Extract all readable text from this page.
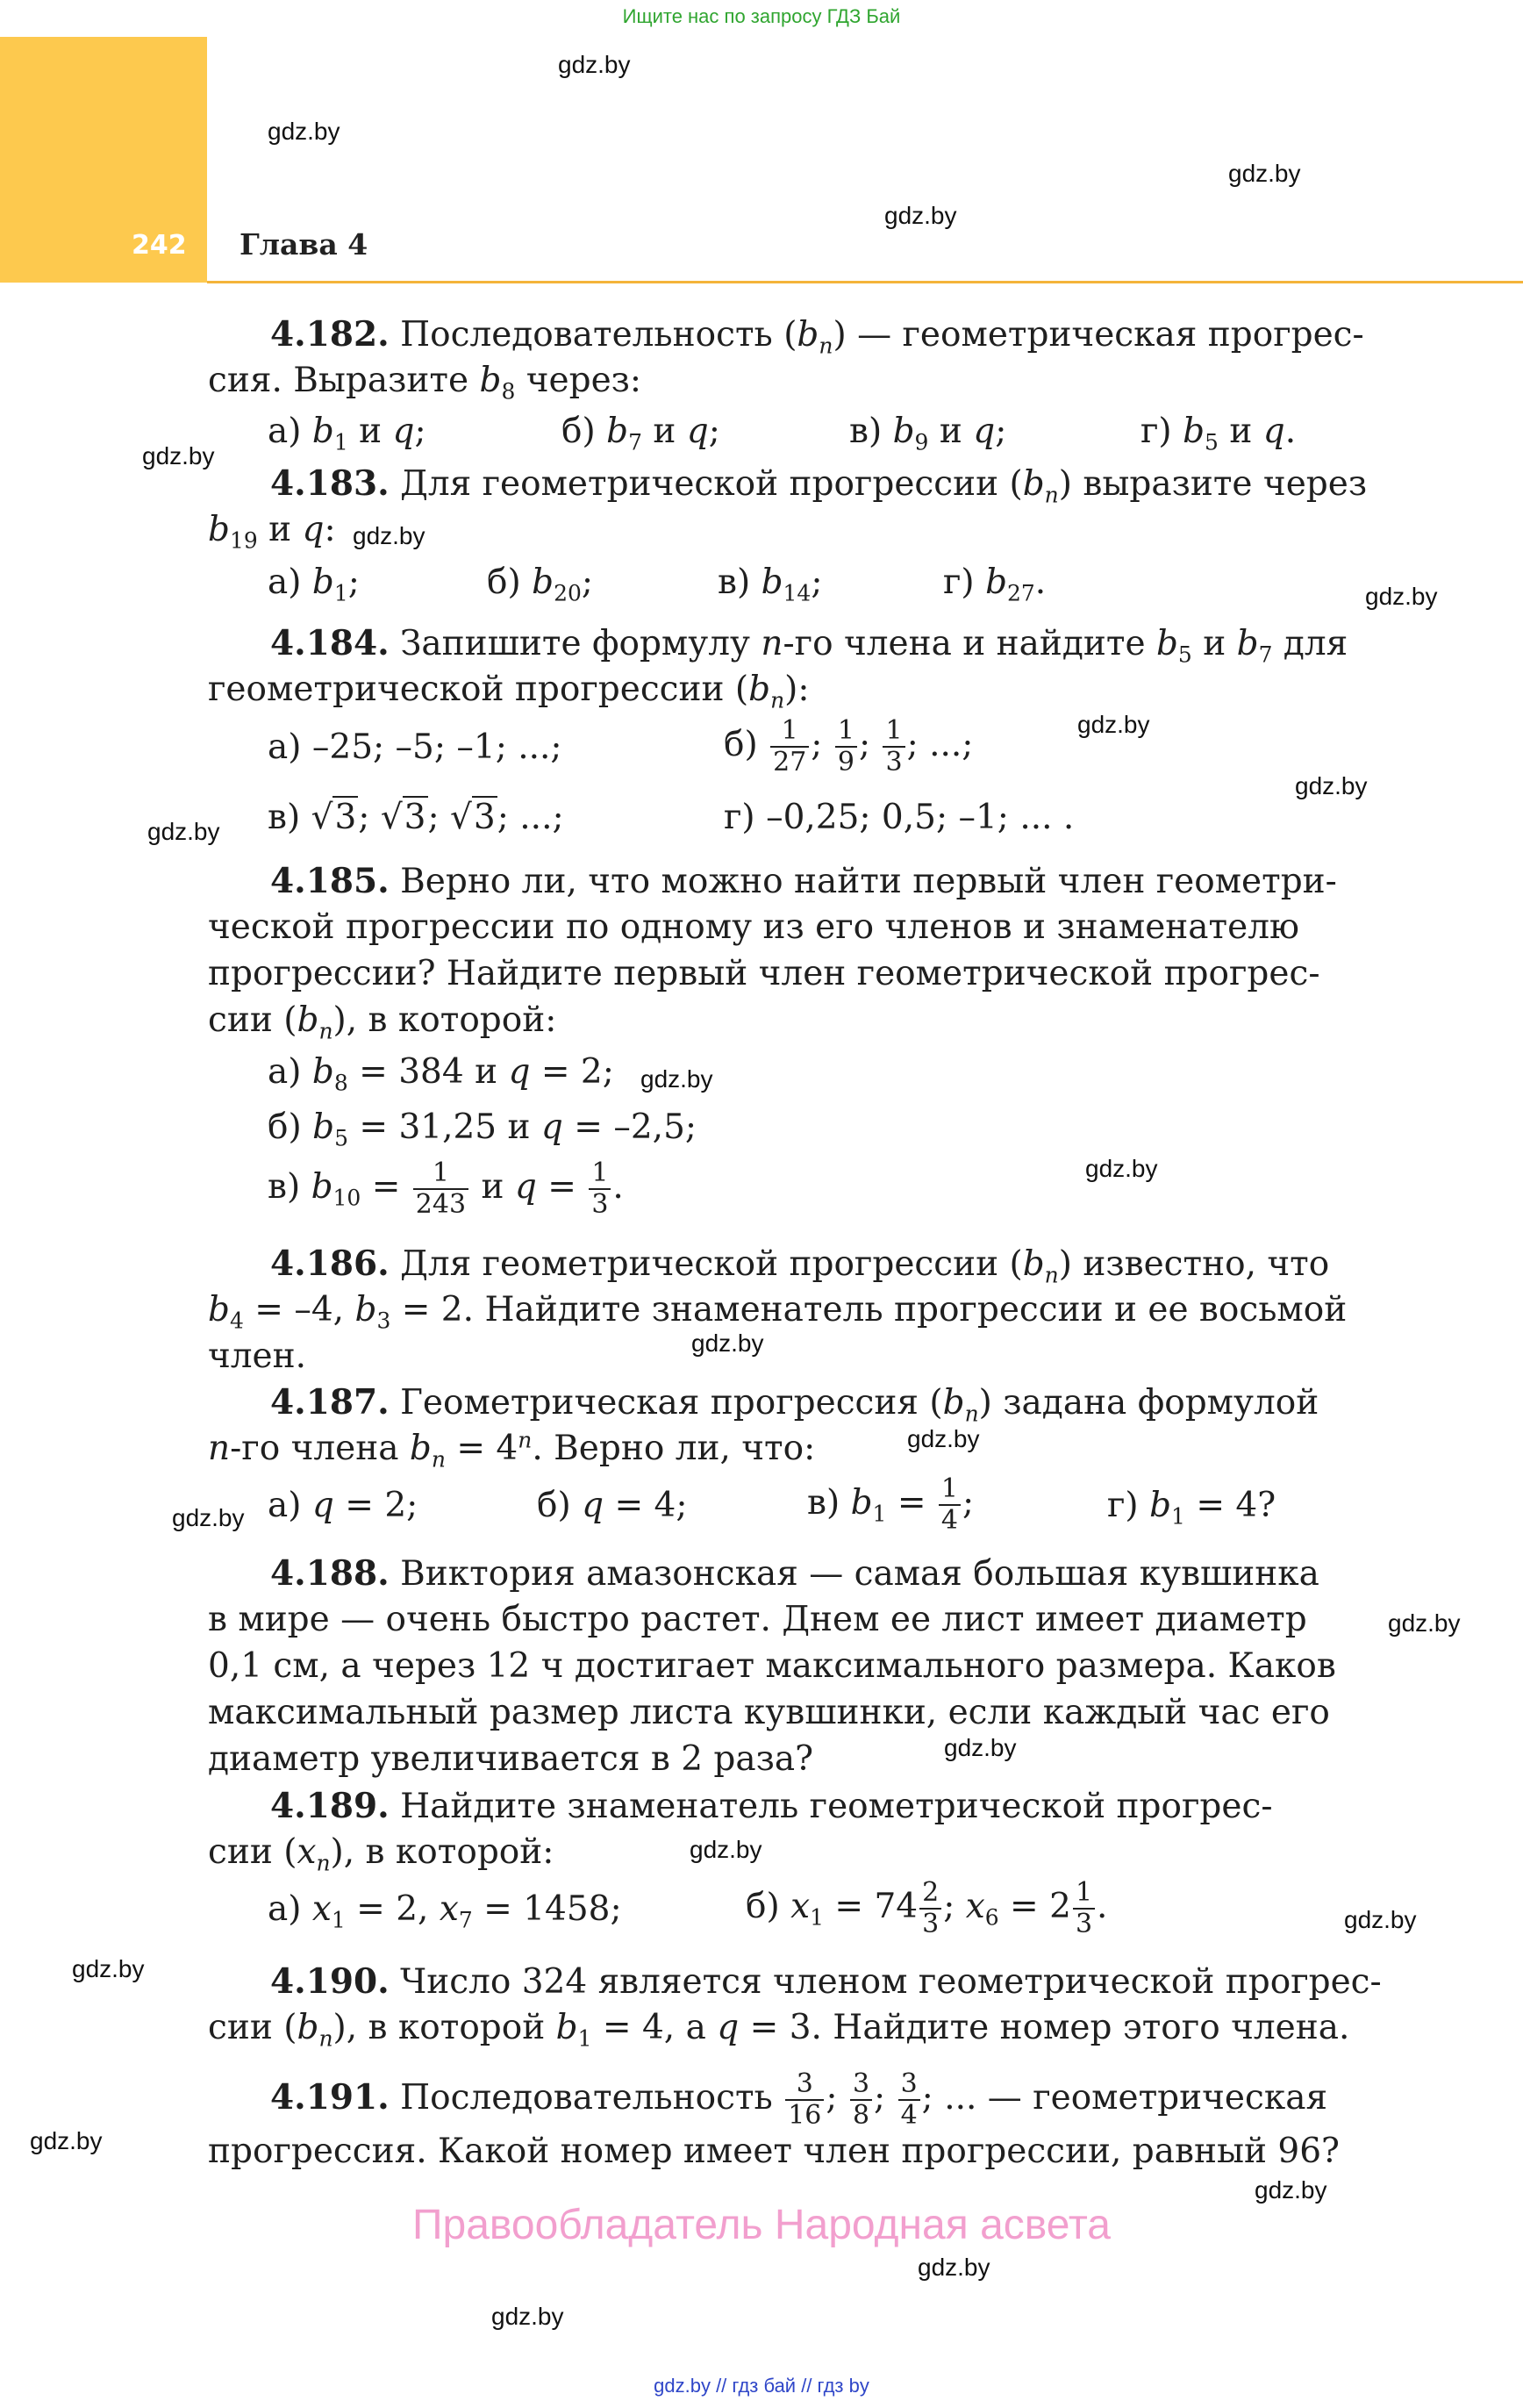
Ищите нас по запросу ГДЗ Бай
242 Глава 4
4.182. Последовательность $(b_n)$ — геометрическая прогрес-
сия. Выразите $b_8$ через:
а) $b_1$ и q;	б) $b_7$ и q;	в) $b_9$ и q;	г) $b_5$ и q.
4.183. Для геометрической прогрессии $(b_n)$ выразите через
$b_{19}$ и q:
а) $b_1$;	б) $b_{20}$;	в) $b_{14}$;	г) $b_{27}$.
4.184. Запишите формулу n-го члена и найдите $b_5$ и $b_7$ для
геометрической прогрессии $(b_n)$:
а) –25; –5; –1; ...;	$б) \frac{1}{27}$ ; $\frac{1}{9}$ ; $\frac{1}{3}$ ; ...;
в) √3; √3; √3; ...;	г) –0,25; 0,5; –1; ... .
4.185. Верно ли, что можно найти первый член геометри-
ческой прогрессии по одному из его членов и знаменателю
прогрессии? Найдите первый член геометрической прогрес-
сии $(b_n)$, в которой:
а) $b_8 = 384$ и q = 2;
б) $b_5 = 31,25$ и q = –2,5;
в) $b_{10} = \frac{1}{243}$ и $q = \frac{1}{3}$ .
4.186. Для геометрической прогрессии $(b_n)$ известно, что
$b_4 = -4$, $b_3 = 2$. Найдите знаменатель прогрессии и ее восьмой
член.
4.187. Геометрическая прогрессия $(b_n)$ задана формулой
n-го члена $b_n = 4^n$. Верно ли, что:
а) q = 2;	б) q = 4;	в) $b_1 = \frac{1}{4}$ ;	г) $b_1 = 4$?
4.188. Виктория амазонская — самая большая кувшинка
в мире — очень быстро растет. Днем ее лист имеет диаметр
0,1 см, а через 12 ч достигает максимального размера. Каков
максимальный размер листа кувшинки, если каждый час его
диаметр увеличивается в 2 раза?
4.189. Найдите знаменатель геометрической прогрес-
сии $(x_n)$, в которой:
а) $x_1 = 2$, $x_7 = 1458$;	б) $x_1 = 74 \frac{2}{3}$ ; $x_6 = 2 \frac{1}{3}$ .
4.190. Число 324 является членом геометрической прогрес-
сии $(b_n)$, в которой $b_1 = 4$, а q = 3. Найдите номер этого члена.
4.191. Последовательность $\frac{3}{16}$ ; $\frac{3}{8}$ ; $\frac{3}{4}$ ; ... — геометрическая
прогрессия. Какой номер имеет член прогрессии, равный 96?
Правообладатель Народная асвета
gdz.by
gdz.by
gdz.by
gdz.by
gdz.by
gdz.by
gdz.by
gdz.by
gdz.by
gdz.by
gdz.by
gdz.by
gdz.by
gdz.by
gdz.by
gdz.by
gdz.by
gdz.by
gdz.by
gdz.by
gdz.by
gdz.by
gdz.by
gdz.by
gdz.by // гдз бай // гдз by
